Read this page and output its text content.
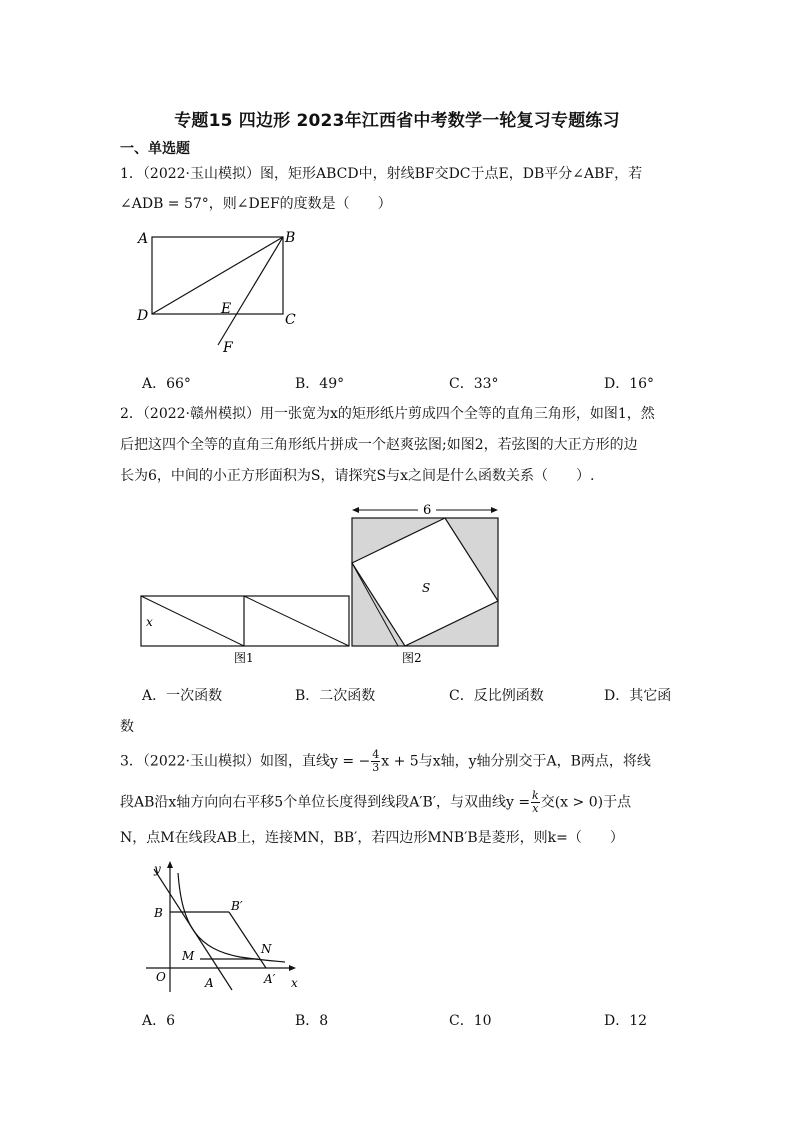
专题15 四边形 2023年江西省中考数学一轮复习专题练习
一、单选题
1．（2022·玉山模拟）图，矩形ABCD中，射线BF交DC于点E，DB平分∠ABF，若
∠ADB = 57°，则∠DEF的度数是（　　）
A	B
C
D	E
F
A．66°	B．49°	C．33°	D．16°
2．（2022·赣州模拟）用一张宽为x的矩形纸片剪成四个全等的直角三角形，如图1，然
后把这四个全等的直角三角形纸片拼成一个赵爽弦图;如图2，若弦图的大正方形的边
长为6，中间的小正方形面积为S，请探究S与x之间是什么函数关系（　　）.
x
图1
S
6
图2
A．一次函数	B．二次函数	C．反比例函数	D．其它函
数
3．（2022·玉山模拟）如图，直线y = − $\frac{4}{3}$ x + 5与x轴，y轴分别交于A，B两点，将线
段AB沿x轴方向向右平移5个单位长度得到线段A′B′，与双曲线$y = \frac{k}{x}$ 交(x > 0)于点
N，点M在线段AB上，连接MN，BB′，若四边形MNB′B是菱形，则k=（　　）
y
B	B′
N
M
O	A	A′ x
A．6	B．8	C．10	D．12
